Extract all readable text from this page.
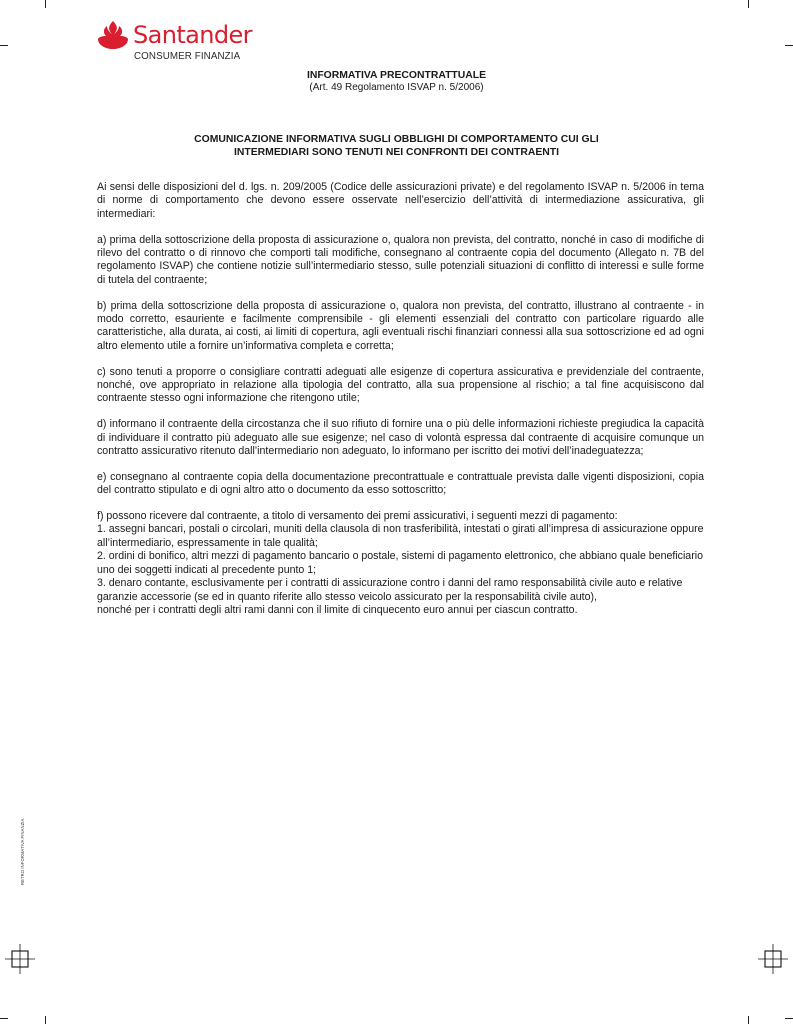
Santander
CONSUMER FINANZIA
INFORMATIVA PRECONTRATTUALE
(Art. 49 Regolamento ISVAP n. 5/2006)
COMUNICAZIONE INFORMATIVA SUGLI OBBLIGHI DI COMPORTAMENTO CUI GLI
INTERMEDIARI SONO TENUTI NEI CONFRONTI DEI CONTRAENTI

Ai sensi delle disposizioni del d. lgs. n. 209/2005 (Codice delle assicurazioni private) e del regolamento ISVAP n. 5/2006 in tema di norme di comportamento che devono essere osservate nell’esercizio dell’attività di intermediazione assicurativa, gli intermediari:

a) prima della sottoscrizione della proposta di assicurazione o, qualora non prevista, del contratto, nonché in caso di modifiche di rilevo del contratto o di rinnovo che comporti tali modifiche, consegnano al contraente copia del documento (Allegato n. 7B del regolamento ISVAP) che contiene notizie sull’intermediario stesso, sulle potenziali situazioni di conflitto di interessi e sulle forme di tutela del contraente;

b) prima della sottoscrizione della proposta di assicurazione o, qualora non prevista, del contratto, illustrano al contraente - in modo corretto, esauriente e facilmente comprensibile - gli elementi essenziali del contratto con particolare riguardo alle caratteristiche, alla durata, ai costi, ai limiti di copertura, agli eventuali rischi finanziari connessi alla sua sottoscrizione ed ad ogni altro elemento utile a fornire un’informativa completa e corretta;

c) sono tenuti a proporre o consigliare contratti adeguati alle esigenze di copertura assicurativa e previdenziale del contraente, nonché, ove appropriato in relazione alla tipologia del contratto, alla sua propensione al rischio; a tal fine acquisiscono dal contraente stesso ogni informazione che ritengono utile;

d) informano il contraente della circostanza che il suo rifiuto di fornire una o più delle informazioni richieste pregiudica la capacità di individuare il contratto più adeguato alle sue esigenze; nel caso di volontà espressa dal contraente di acquisire comunque un contratto assicurativo ritenuto dall’intermediario non adeguato, lo informano per iscritto dei motivi dell’inadeguatezza;

e) consegnano al contraente copia della documentazione precontrattuale e contrattuale prevista dalle vigenti disposizioni, copia del contratto stipulato e di ogni altro atto o documento da esso sottoscritto;

f) possono ricevere dal contraente, a titolo di versamento dei premi assicurativi, i seguenti mezzi di pagamento:
1. assegni bancari, postali o circolari, muniti della clausola di non trasferibilità, intestati o girati all’impresa di assicurazione oppure all’intermediario, espressamente in tale qualità;
2. ordini di bonifico, altri mezzi di pagamento bancario o postale, sistemi di pagamento elettronico, che abbiano quale beneficiario uno dei soggetti indicati al precedente punto 1;
3. denaro contante, esclusivamente per i contratti di assicurazione contro i danni del ramo responsabilità civile auto e relative garanzie accessorie (se ed in quanto riferite allo stesso veicolo assicurato per la responsabilità civile auto),
nonché per i contratti degli altri rami danni con il limite di cinquecento euro annui per ciascun contratto.

RETRO INFORMATIVA FINANZIA
